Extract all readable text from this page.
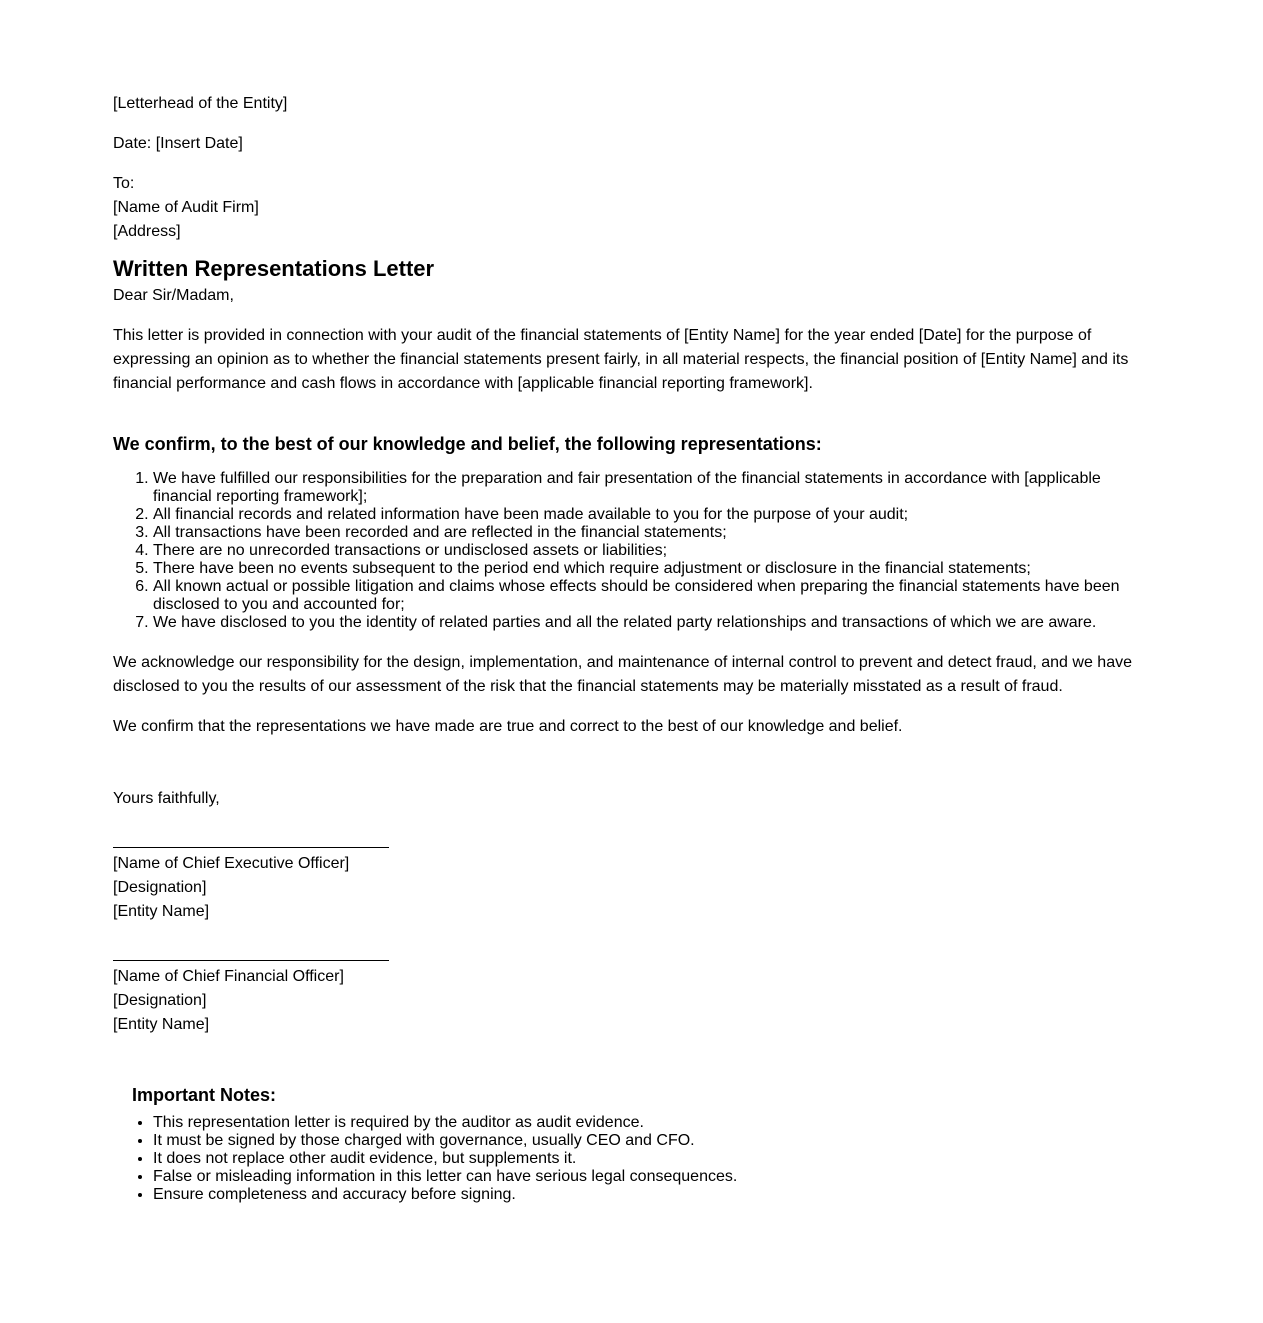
[Letterhead of the Entity]

Date: [Insert Date]

To:

[Name of Audit Firm]

[Address]

Written Representations Letter

Dear Sir/Madam,

This letter is provided in connection with your audit of the financial statements of [Entity Name] for the year ended [Date] for the purpose of expressing an opinion as to whether the financial statements present fairly, in all material respects, the financial position of [Entity Name] and its financial performance and cash flows in accordance with [applicable financial reporting framework].

We confirm, to the best of our knowledge and belief, the following representations:
1. We have fulfilled our responsibilities for the preparation and fair presentation of the financial statements in accordance with [applicable financial reporting framework];
2. All financial records and related information have been made available to you for the purpose of your audit;
3. All transactions have been recorded and are reflected in the financial statements;
4. There are no unrecorded transactions or undisclosed assets or liabilities;
5. There have been no events subsequent to the period end which require adjustment or disclosure in the financial statements;
6. All known actual or possible litigation and claims whose effects should be considered when preparing the financial statements have been disclosed to you and accounted for;
7. We have disclosed to you the identity of related parties and all the related party relationships and transactions of which we are aware.

We acknowledge our responsibility for the design, implementation, and maintenance of internal control to prevent and detect fraud, and we have disclosed to you the results of our assessment of the risk that the financial statements may be materially misstated as a result of fraud.

We confirm that the representations we have made are true and correct to the best of our knowledge and belief.

Yours faithfully,

[Name of Chief Executive Officer]

[Designation]

[Entity Name]

[Name of Chief Financial Officer]

[Designation]

[Entity Name]

Important Notes:
• This representation letter is required by the auditor as audit evidence.
• It must be signed by those charged with governance, usually CEO and CFO.
• It does not replace other audit evidence, but supplements it.
• False or misleading information in this letter can have serious legal consequences.
• Ensure completeness and accuracy before signing.
